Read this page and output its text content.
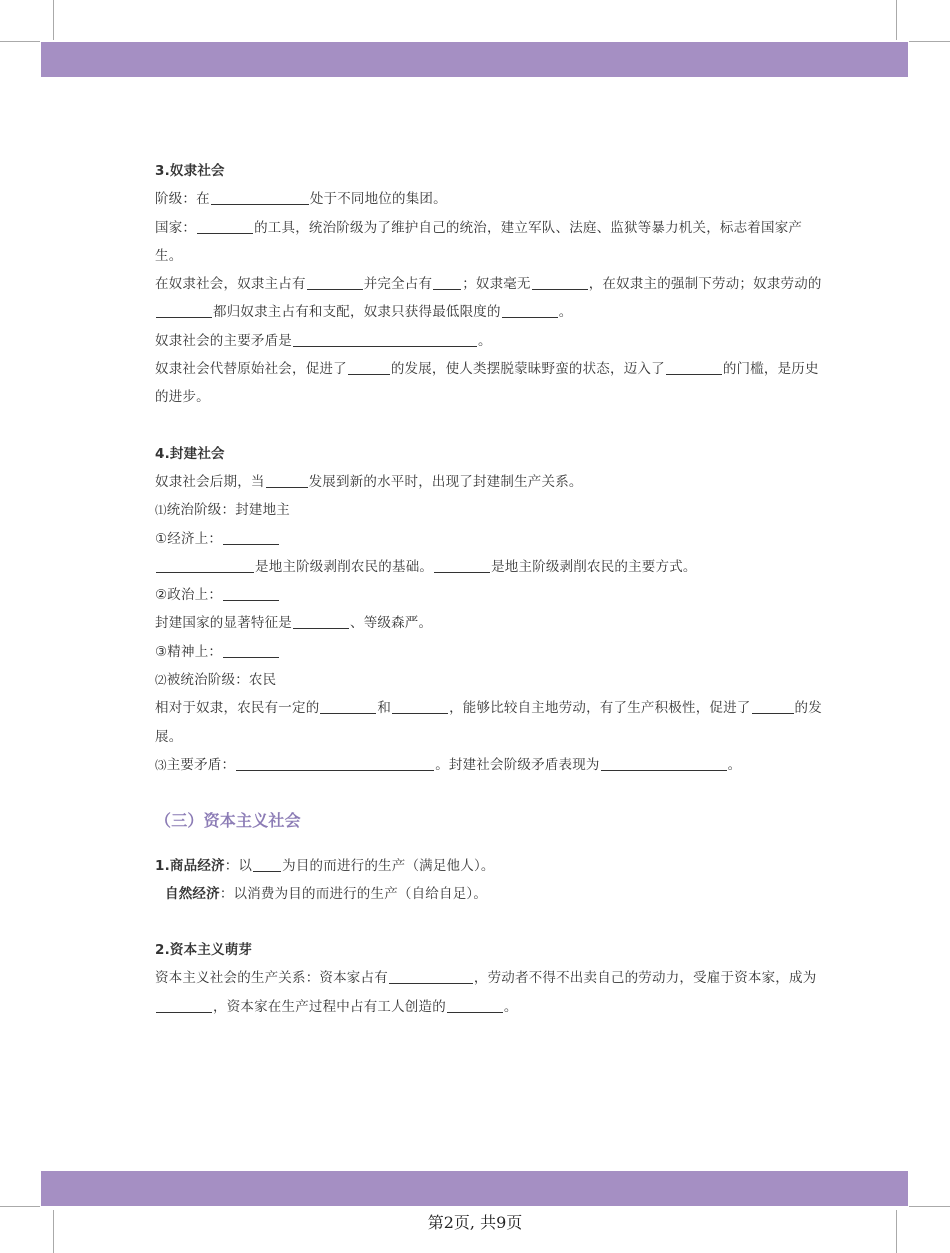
3.奴隶社会

阶级：在	处于不同地位的集团。

国家：	的工具，统治阶级为了维护自己的统治，建立军队、法庭、监狱等暴力机关，标志着国家产生。

在奴隶社会，奴隶主占有	并完全占有 ；奴隶毫无	，在奴隶主的强制下劳动；奴隶劳动的都归奴隶主占有和支配，奴隶只获得最低限度的	。

奴隶社会的主要矛盾是	。

奴隶社会代替原始社会，促进了	的发展，使人类摆脱蒙昧野蛮的状态，迈入了	的门槛，是历史的进步。

4.封建社会

奴隶社会后期，当	发展到新的水平时，出现了封建制生产关系。

⑴统治阶级：封建地主

①经济上：

是地主阶级剥削农民的基础。	是地主阶级剥削农民的主要方式。

②政治上：

封建国家的显著特征是	、等级森严。

③精神上：

⑵被统治阶级：农民

相对于奴隶，农民有一定的	和	，能够比较自主地劳动，有了生产积极性，促进了	的发展。

⑶主要矛盾：	。封建社会阶级矛盾表现为	。

（三）资本主义社会

1.商品经济：以 为目的而进行的生产（满足他人）。

自然经济：以消费为目的而进行的生产（自给自足）。

2.资本主义萌芽

资本主义社会的生产关系：资本家占有	，劳动者不得不出卖自己的劳动力，受雇于资本家，成为，资本家在生产过程中占有工人创造的	。

第2页, 共9页
